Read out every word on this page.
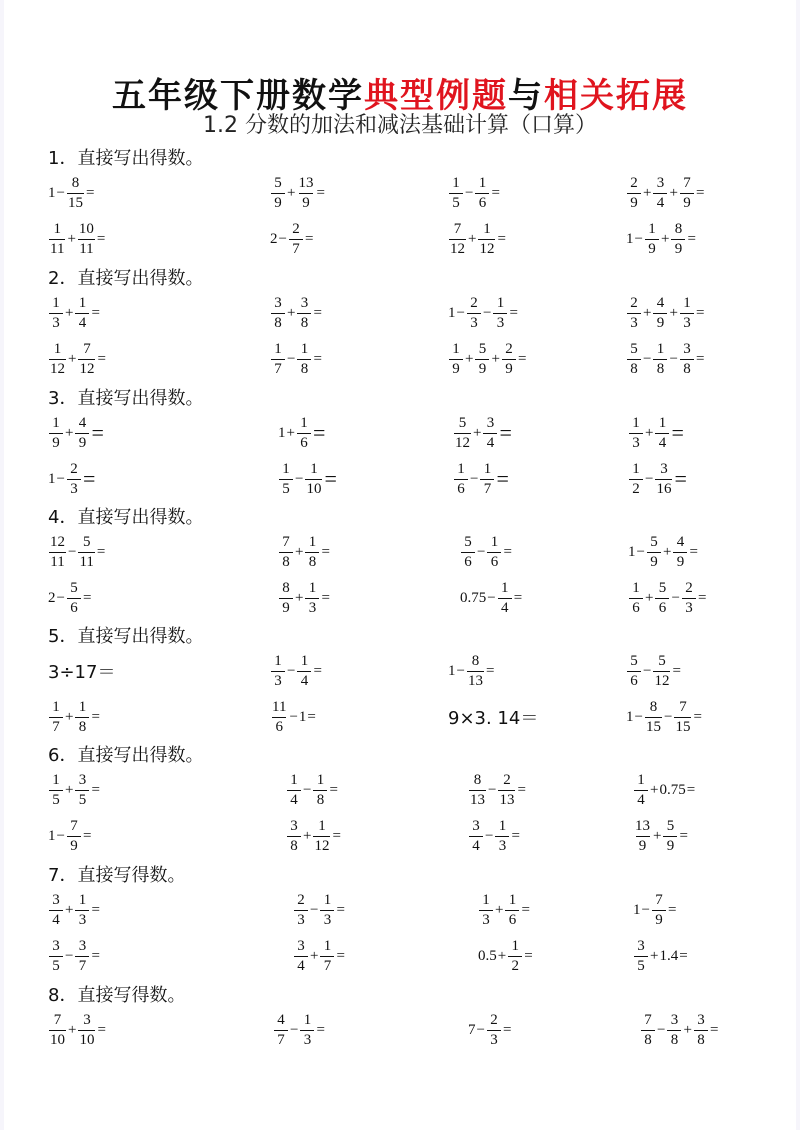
五年级下册数学典型例题与相关拓展
1.2 分数的加法和减法基础计算（口算）
1．直接写出得数。
$1 - \frac{8}{15}$ =	$\frac{5}{9} + \frac{13}{9}$ =	$\frac{1}{5} - \frac{1}{6}$ =	$\frac{2}{9} + \frac{3}{4} + \frac{7}{9}$ =
$\frac{1}{11} + \frac{10}{11}$ =	$2 - \frac{2}{7}$ =	$\frac{7}{12} + \frac{1}{12}$ =	$1 - \frac{1}{9} + \frac{8}{9}$ =
2．直接写出得数。
$\frac{1}{3} + \frac{1}{4}$ =	$\frac{3}{8} + \frac{3}{8}$ =	$1 - \frac{2}{3} - \frac{1}{3}$ =	$\frac{2}{3} + \frac{4}{9} + \frac{1}{3}$ =
$\frac{1}{12} + \frac{7}{12}$ =	$\frac{1}{7} - \frac{1}{8}$ =	$\frac{1}{9} + \frac{5}{9} + \frac{2}{9}$ =	$\frac{5}{8} - \frac{1}{8} - \frac{3}{8}$ =
3．直接写出得数。
$\frac{1}{9} + \frac{4}{9}$ =	$1 + \frac{1}{6}$ =	$\frac{5}{12} + \frac{3}{4}$ =	$\frac{1}{3} + \frac{1}{4}$ =
$1 - \frac{2}{3}$ =	$\frac{1}{5} - \frac{1}{10}$ =	$\frac{1}{6} - \frac{1}{7}$ =	$\frac{1}{2} - \frac{3}{16}$ =
4．直接写出得数。
$\frac{12}{11} - \frac{5}{11}$ =	$\frac{7}{8} + \frac{1}{8}$ =	$\frac{5}{6} - \frac{1}{6}$ =	$1 - \frac{5}{9} + \frac{4}{9}$ =
$2 - \frac{5}{6}$ =	$\frac{8}{9} + \frac{1}{3}$ =	$0.75 - \frac{1}{4}$ =	$\frac{1}{6} + \frac{5}{6} - \frac{2}{3}$ =
5．直接写出得数。
3÷17＝	$\frac{1}{3} - \frac{1}{4}$ =	$1 - \frac{8}{13}$ =	$\frac{5}{6} - \frac{5}{12}$ =
$\frac{1}{7} + \frac{1}{8}$ =	$\frac{11}{6} - 1$ =	9×3. 14＝	$1 - \frac{8}{15} - \frac{7}{15}$ =
6．直接写出得数。
$\frac{1}{5} + \frac{3}{5}$ =	$\frac{1}{4} - \frac{1}{8}$ =	$\frac{8}{13} - \frac{2}{13}$ =	$\frac{1}{4} + 0.75$ =
$1 - \frac{7}{9}$ =	$\frac{3}{8} + \frac{1}{12}$ =	$\frac{3}{4} - \frac{1}{3}$ =	$\frac{13}{9} + \frac{5}{9}$ =
7．直接写得数。
$\frac{3}{4} + \frac{1}{3}$ =	$\frac{2}{3} - \frac{1}{3}$ =	$\frac{1}{3} + \frac{1}{6}$ =	$1 - \frac{7}{9}$ =
$\frac{3}{5} - \frac{3}{7}$ =	$\frac{3}{4} + \frac{1}{7}$ =	$0.5 + \frac{1}{2}$ =	$\frac{3}{5} + 1.4$ =
8．直接写得数。
$\frac{7}{10} + \frac{3}{10}$ =	$\frac{4}{7} - \frac{1}{3}$ =	$7 - \frac{2}{3}$ =	$\frac{7}{8} - \frac{3}{8} + \frac{3}{8}$ =
